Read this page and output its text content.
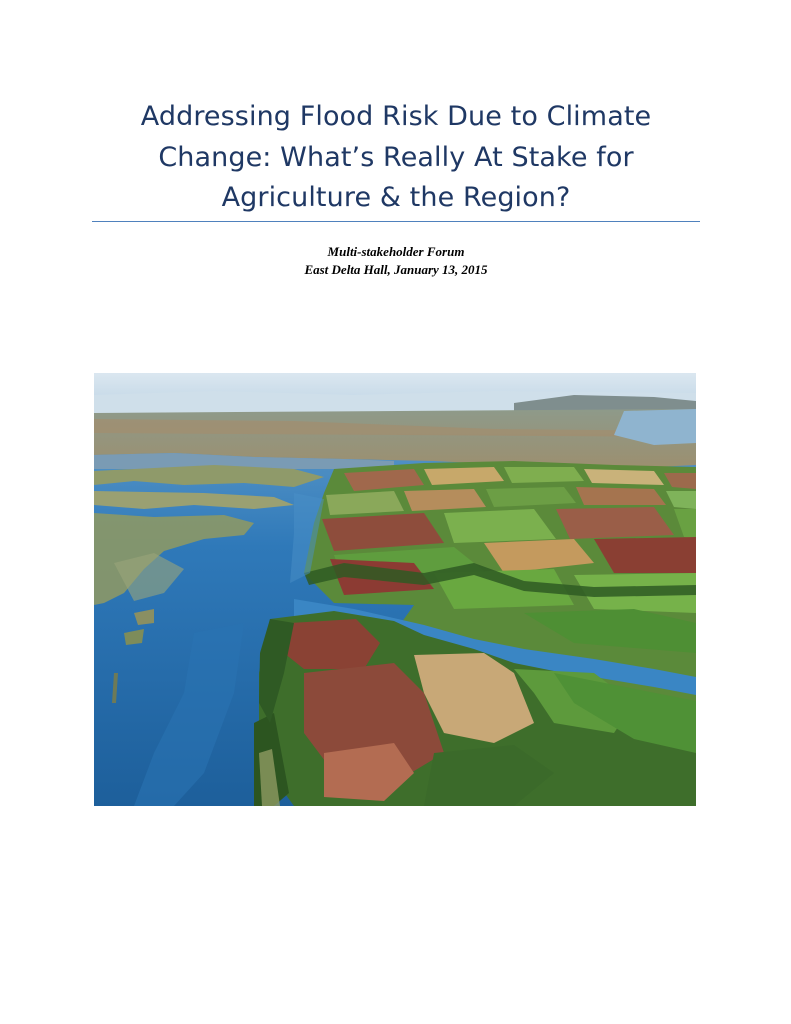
Addressing Flood Risk Due to Climate
Change: What’s Really At Stake for
Agriculture & the Region?
Multi-stakeholder Forum
East Delta Hall, January 13, 2015
